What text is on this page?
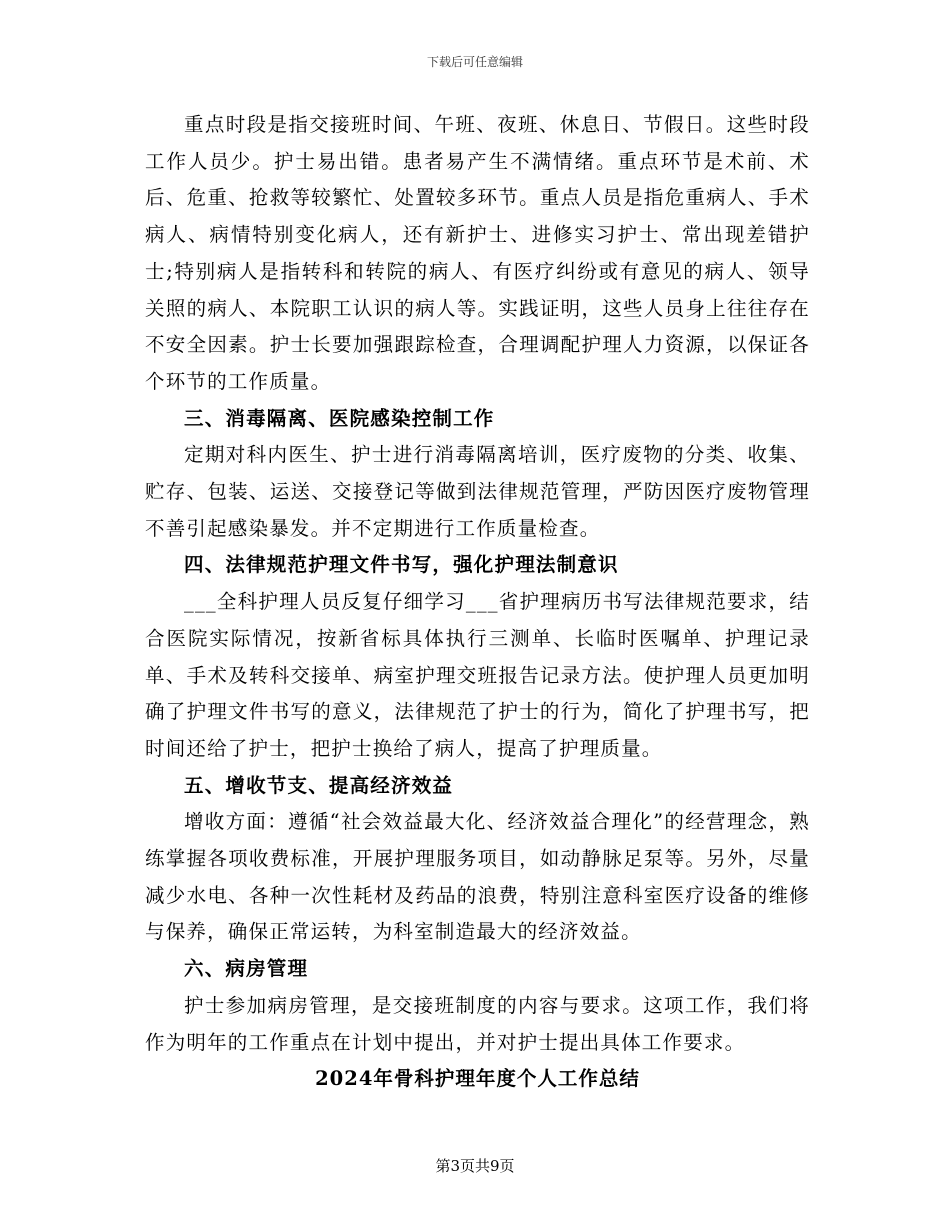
下载后可任意编辑

重点时段是指交接班时间、午班、夜班、休息日、节假日。这些时段工作人员少。护士易出错。患者易产生不满情绪。重点环节是术前、术后、危重、抢救等较繁忙、处置较多环节。重点人员是指危重病人、手术病人、病情特别变化病人，还有新护士、进修实习护士、常出现差错护士;特别病人是指转科和转院的病人、有医疗纠纷或有意见的病人、领导关照的病人、本院职工认识的病人等。实践证明，这些人员身上往往存在不安全因素。护士长要加强跟踪检查，合理调配护理人力资源，以保证各个环节的工作质量。

三、消毒隔离、医院感染控制工作

定期对科内医生、护士进行消毒隔离培训，医疗废物的分类、收集、贮存、包装、运送、交接登记等做到法律规范管理，严防因医疗废物管理不善引起感染暴发。并不定期进行工作质量检查。

四、法律规范护理文件书写，强化护理法制意识

___全科护理人员反复仔细学习___省护理病历书写法律规范要求，结合医院实际情况，按新省标具体执行三测单、长临时医嘱单、护理记录单、手术及转科交接单、病室护理交班报告记录方法。使护理人员更加明确了护理文件书写的意义，法律规范了护士的行为，简化了护理书写，把时间还给了护士，把护士换给了病人，提高了护理质量。

五、增收节支、提高经济效益

增收方面：遵循“社会效益最大化、经济效益合理化”的经营理念，熟练掌握各项收费标准，开展护理服务项目，如动静脉足泵等。另外，尽量减少水电、各种一次性耗材及药品的浪费，特别注意科室医疗设备的维修与保养，确保正常运转，为科室制造最大的经济效益。

六、病房管理

护士参加病房管理，是交接班制度的内容与要求。这项工作，我们将作为明年的工作重点在计划中提出，并对护士提出具体工作要求。

2024年骨科护理年度个人工作总结

第3页共9页
